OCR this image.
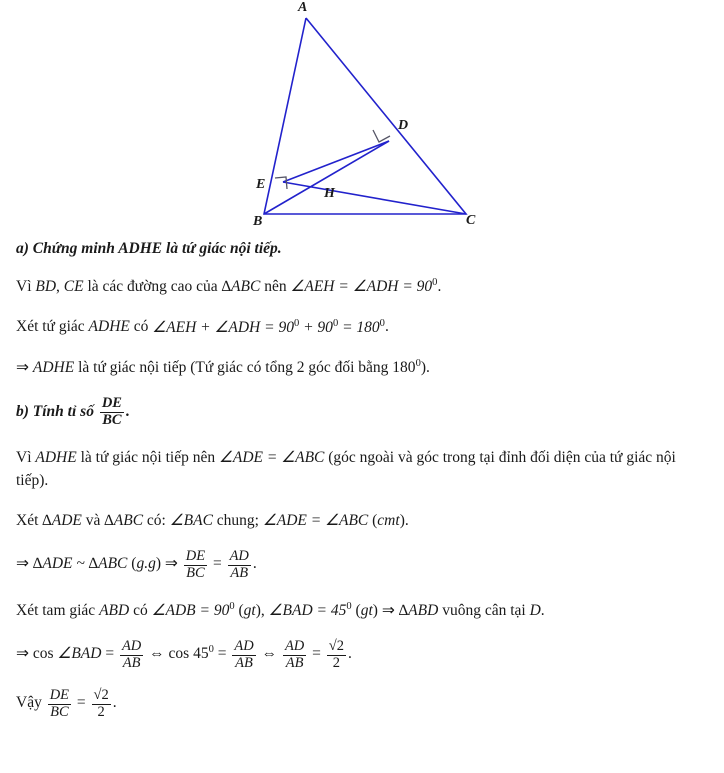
A
D
E
H
B	C
a) Chứng minh ADHE là tứ giác nội tiếp.
Vì BD, CE là các đường cao của ∆ABC nên ∠AEH = ∠ADH = $90^0$.
Xét tứ giác ADHE có ∠AEH + ∠ADH = $90^0 + 90^0 = 180^0$.
⇒ ADHE là tứ giác nội tiếp (Tứ giác có tổng 2 góc đối bằng $180^0$).
b) Tính tỉ số $\frac{DE}{BC}$ .
Vì ADHE là tứ giác nội tiếp nên ∠ADE = ∠ABC (góc ngoài và góc trong tại đỉnh đối diện của tứ giác nội tiếp).
Xét ∆ADE và ∆ABC có: ∠BAC chung; ∠ADE = ∠ABC (cmt).
⇒ ∆ADE ~ ∆ABC (g.g) ⇒ $\frac{DE}{BC} = \frac{AD}{AB}$ .
Xét tam giác ABD có ∠ADB = $90^0$ (gt), ∠BAD = $45^0$ (gt) ⇒ ∆ABD vuông cân tại D.
⇒ cos ∠BAD = $\frac{AD}{AB}$ ⇔ $\cos 45^0 = \frac{AD}{AB}$ ⇔ $\frac{AD}{AB} = \frac{√2}{2}$ .
Vậy $\frac{DE}{BC} = \frac{√2}{2}$ .
